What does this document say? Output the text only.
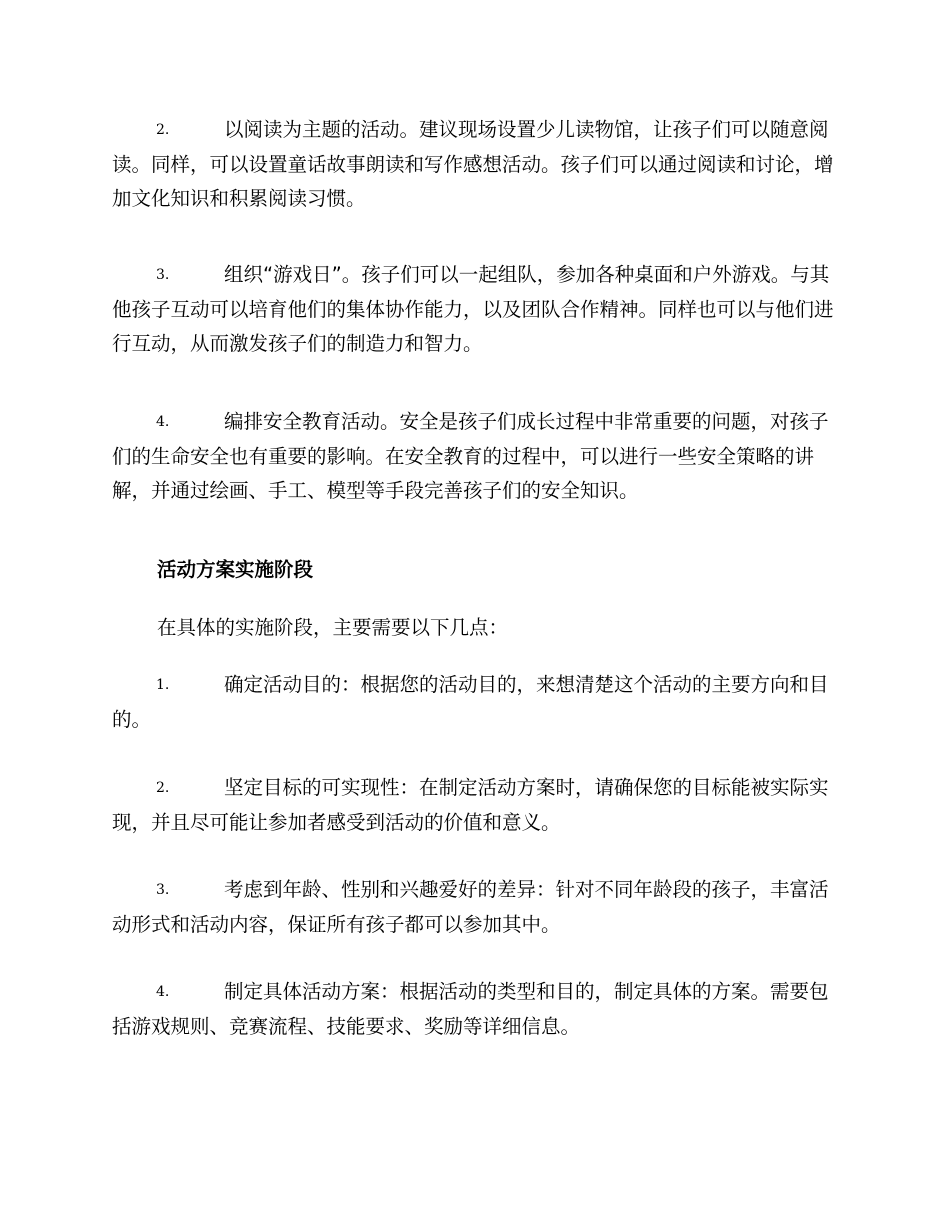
2.	以阅读为主题的活动。建议现场设置少儿读物馆，让孩子们可以随意阅读。同样，可以设置童话故事朗读和写作感想活动。孩子们可以通过阅读和讨论，增加文化知识和积累阅读习惯。

3.	组织“游戏日”。孩子们可以一起组队，参加各种桌面和户外游戏。与其他孩子互动可以培育他们的集体协作能力，以及团队合作精神。同样也可以与他们进行互动，从而激发孩子们的制造力和智力。

4.	编排安全教育活动。安全是孩子们成长过程中非常重要的问题，对孩子们的生命安全也有重要的影响。在安全教育的过程中，可以进行一些安全策略的讲解，并通过绘画、手工、模型等手段完善孩子们的安全知识。

活动方案实施阶段

在具体的实施阶段，主要需要以下几点：

1.	确定活动目的：根据您的活动目的，来想清楚这个活动的主要方向和目的。

2.	坚定目标的可实现性：在制定活动方案时，请确保您的目标能被实际实现，并且尽可能让参加者感受到活动的价值和意义。

3.	考虑到年龄、性别和兴趣爱好的差异：针对不同年龄段的孩子，丰富活动形式和活动内容，保证所有孩子都可以参加其中。

4.	制定具体活动方案：根据活动的类型和目的，制定具体的方案。需要包括游戏规则、竞赛流程、技能要求、奖励等详细信息。
